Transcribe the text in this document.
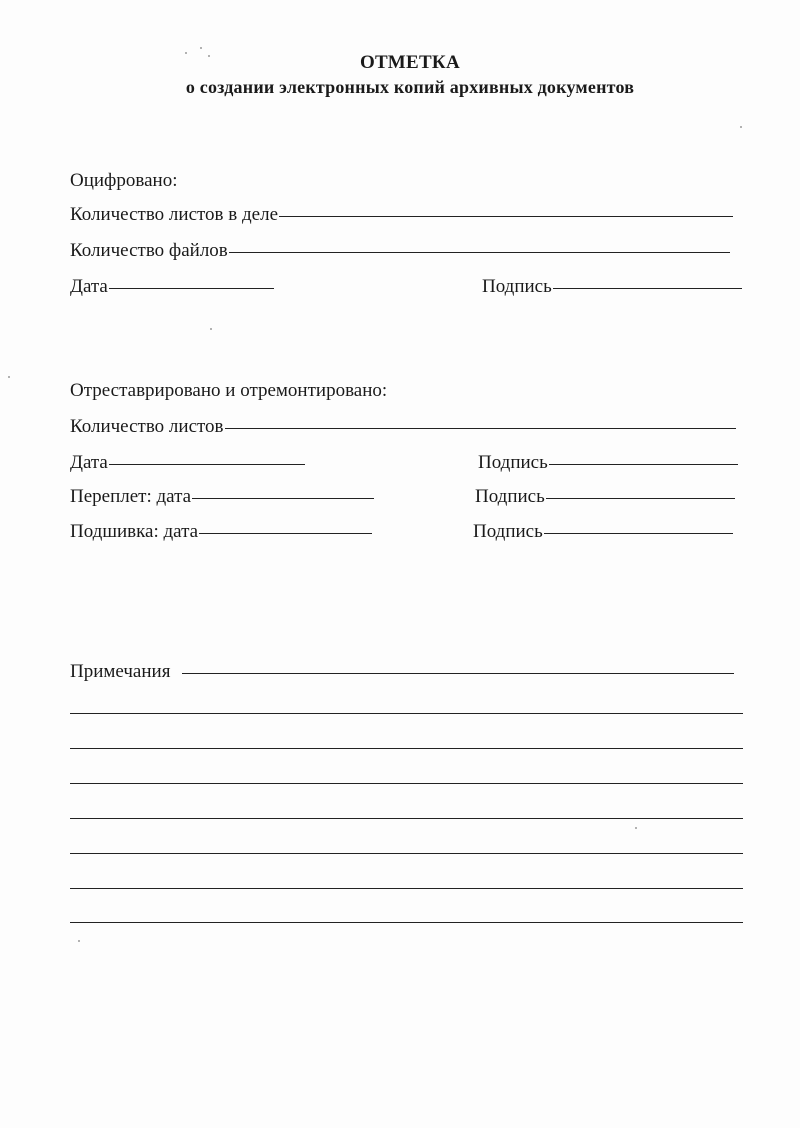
ОТМЕТКА
о создании электронных копий архивных документов
Оцифровано:
Количество листов в деле
Количество файлов
Дата	Подпись
Отреставрировано и отремонтировано:
Количество листов
Дата	Подпись
Переплет: дата	Подпись
Подшивка: дата	Подпись
Примечания
